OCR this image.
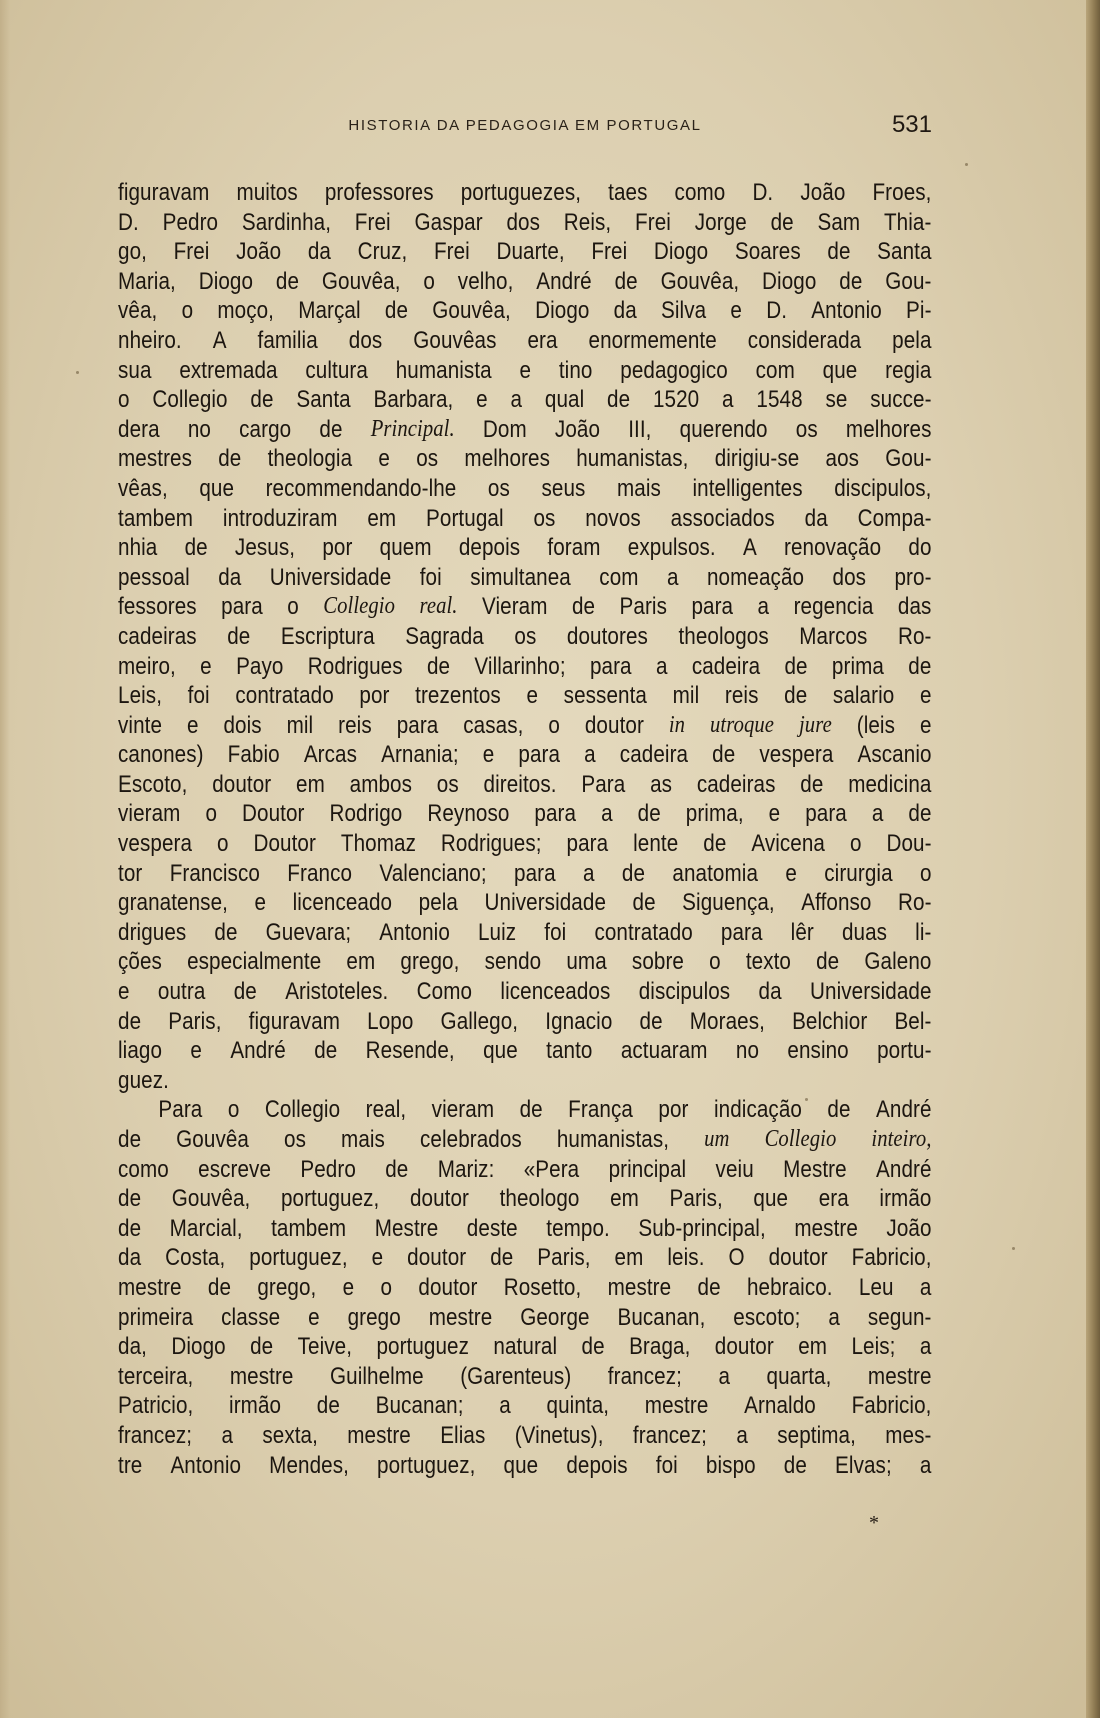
HISTORIA DA PEDAGOGIA EM PORTUGAL	531
figuravam muitos professores portuguezes, taes como D. João Froes,
D. Pedro Sardinha, Frei Gaspar dos Reis, Frei Jorge de Sam Thia-
go, Frei João da Cruz, Frei Duarte, Frei Diogo Soares de Santa
Maria, Diogo de Gouvêa, o velho, André de Gouvêa, Diogo de Gou-
vêa, o moço, Marçal de Gouvêa, Diogo da Silva e D. Antonio Pi-
nheiro. A familia dos Gouvêas era enormemente considerada pela
sua extremada cultura humanista e tino pedagogico com que regia
o Collegio de Santa Barbara, e a qual de 1520 a 1548 se succe-
dera no cargo de Principal. Dom João III, querendo os melhores
mestres de theologia e os melhores humanistas, dirigiu-se aos Gou-
vêas, que recommendando-lhe os seus mais intelligentes discipulos,
tambem introduziram em Portugal os novos associados da Compa-
nhia de Jesus, por quem depois foram expulsos. A renovação do
pessoal da Universidade foi simultanea com a nomeação dos pro-
fessores para o Collegio real. Vieram de Paris para a regencia das
cadeiras de Escriptura Sagrada os doutores theologos Marcos Ro-
meiro, e Payo Rodrigues de Villarinho; para a cadeira de prima de
Leis, foi contratado por trezentos e sessenta mil reis de salario e
vinte e dois mil reis para casas, o doutor in utroque jure (leis e
canones) Fabio Arcas Arnania; e para a cadeira de vespera Ascanio
Escoto, doutor em ambos os direitos. Para as cadeiras de medicina
vieram o Doutor Rodrigo Reynoso para a de prima, e para a de
vespera o Doutor Thomaz Rodrigues; para lente de Avicena o Dou-
tor Francisco Franco Valenciano; para a de anatomia e cirurgia o
granatense, e licenceado pela Universidade de Siguença, Affonso Ro-
drigues de Guevara; Antonio Luiz foi contratado para lêr duas li-
ções especialmente em grego, sendo uma sobre o texto de Galeno
e outra de Aristoteles. Como licenceados discipulos da Universidade
de Paris, figuravam Lopo Gallego, Ignacio de Moraes, Belchior Bel-
liago e André de Resende, que tanto actuaram no ensino portu-
guez.
Para o Collegio real, vieram de França por indicação de André
de Gouvêa os mais celebrados humanistas, um Collegio inteiro,
como escreve Pedro de Mariz: «Pera principal veiu Mestre André
de Gouvêa, portuguez, doutor theologo em Paris, que era irmão
de Marcial, tambem Mestre deste tempo. Sub-principal, mestre João
da Costa, portuguez, e doutor de Paris, em leis. O doutor Fabricio,
mestre de grego, e o doutor Rosetto, mestre de hebraico. Leu a
primeira classe e grego mestre George Bucanan, escoto; a segun-
da, Diogo de Teive, portuguez natural de Braga, doutor em Leis; a
terceira, mestre Guilhelme (Garenteus) francez; a quarta, mestre
Patricio, irmão de Bucanan; a quinta, mestre Arnaldo Fabricio,
francez; a sexta, mestre Elias (Vinetus), francez; a septima, mes-
tre Antonio Mendes, portuguez, que depois foi bispo de Elvas; a
*
